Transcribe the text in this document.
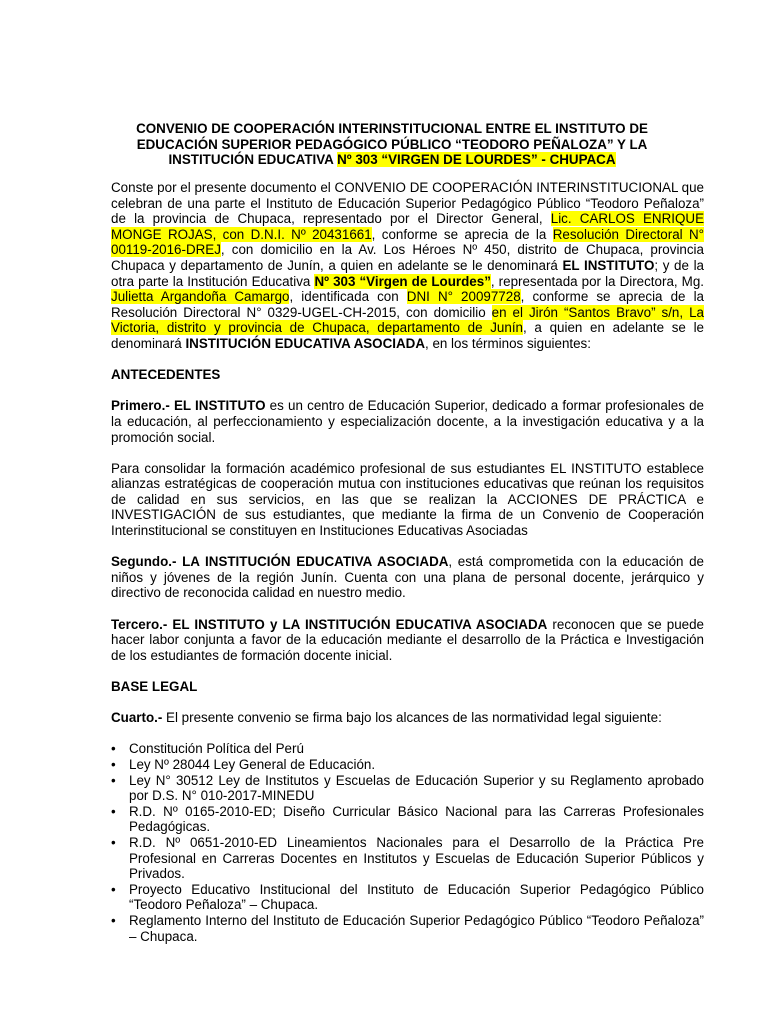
CONVENIO DE COOPERACIÓN INTERINSTITUCIONAL ENTRE EL INSTITUTO DE EDUCACIÓN SUPERIOR PEDAGÓGICO PÚBLICO “TEODORO PEÑALOZA” Y LA INSTITUCIÓN EDUCATIVA Nº 303 “VIRGEN DE LOURDES” - CHUPACA

Conste por el presente documento el CONVENIO DE COOPERACIÓN INTERINSTITUCIONAL que celebran de una parte el Instituto de Educación Superior Pedagógico Público “Teodoro Peñaloza” de la provincia de Chupaca, representado por el Director General, Lic. CARLOS ENRIQUE MONGE ROJAS, con D.N.I. Nº 20431661, conforme se aprecia de la Resolución Directoral N° 00119-2016-DREJ, con domicilio en la Av. Los Héroes Nº 450, distrito de Chupaca, provincia Chupaca y departamento de Junín, a quien en adelante se le denominará EL INSTITUTO; y de la otra parte la Institución Educativa Nº 303 “Virgen de Lourdes”, representada por la Directora, Mg. Julietta Argandoña Camargo, identificada con DNI N° 20097728, conforme se aprecia de la Resolución Directoral N° 0329-UGEL-CH-2015, con domicilio en el Jirón “Santos Bravo” s/n, La Victoria, distrito y provincia de Chupaca, departamento de Junín, a quien en adelante se le denominará INSTITUCIÓN EDUCATIVA ASOCIADA, en los términos siguientes:

ANTECEDENTES

Primero.- EL INSTITUTO es un centro de Educación Superior, dedicado a formar profesionales de la educación, al perfeccionamiento y especialización docente, a la investigación educativa y a la promoción social.

Para consolidar la formación académico profesional de sus estudiantes EL INSTITUTO establece alianzas estratégicas de cooperación mutua con instituciones educativas que reúnan los requisitos de calidad en sus servicios, en las que se realizan la ACCIONES DE PRÁCTICA e INVESTIGACIÓN de sus estudiantes, que mediante la firma de un Convenio de Cooperación Interinstitucional se constituyen en Instituciones Educativas Asociadas

Segundo.- LA INSTITUCIÓN EDUCATIVA ASOCIADA, está comprometida con la educación de niños y jóvenes de la región Junín. Cuenta con una plana de personal docente, jerárquico y directivo de reconocida calidad en nuestro medio.

Tercero.- EL INSTITUTO y LA INSTITUCIÓN EDUCATIVA ASOCIADA reconocen que se puede hacer labor conjunta a favor de la educación mediante el desarrollo de la Práctica e Investigación de los estudiantes de formación docente inicial.

BASE LEGAL

Cuarto.- El presente convenio se firma bajo los alcances de las normatividad legal siguiente:

• Constitución Política del Perú
• Ley Nº 28044 Ley General de Educación.
• Ley N° 30512 Ley de Institutos y Escuelas de Educación Superior y su Reglamento aprobado por D.S. N° 010-2017-MINEDU
• R.D. Nº 0165-2010-ED; Diseño Curricular Básico Nacional para las Carreras Profesionales Pedagógicas.
• R.D. Nº 0651-2010-ED Lineamientos Nacionales para el Desarrollo de la Práctica Pre Profesional en Carreras Docentes en Institutos y Escuelas de Educación Superior Públicos y Privados.
• Proyecto Educativo Institucional del Instituto de Educación Superior Pedagógico Público “Teodoro Peñaloza” – Chupaca.
• Reglamento Interno del Instituto de Educación Superior Pedagógico Público “Teodoro Peñaloza” – Chupaca.
